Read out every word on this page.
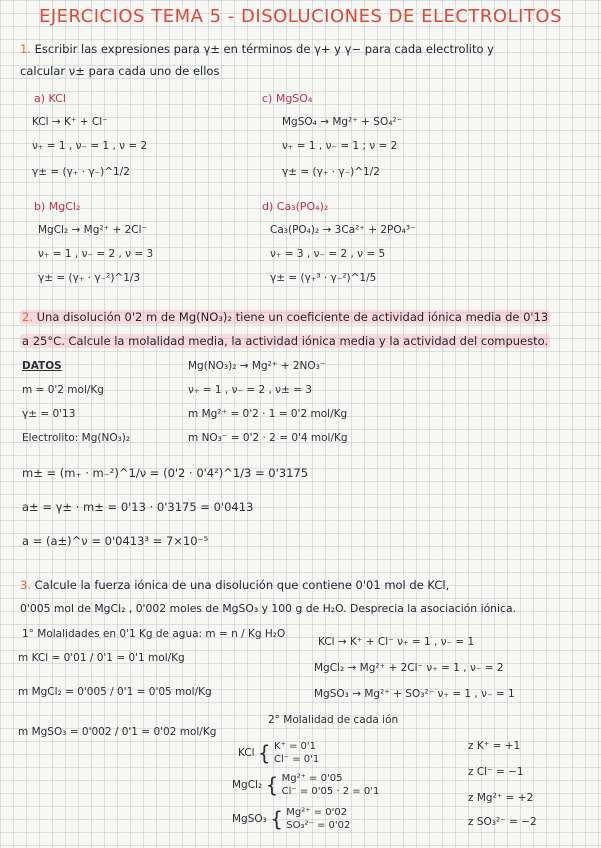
EJERCICIOS TEMA 5 - DISOLUCIONES DE ELECTROLITOS
1. Escribir las expresiones para γ± en términos de γ+ y γ− para cada electrolito y
calcular ν± para cada uno de ellos
a) KCl
KCl → K⁺ + Cl⁻
ν₊ = 1 , ν₋ = 1 , ν = 2
γ± = (γ₊ · γ₋)^1/2
c) MgSO₄
MgSO₄ → Mg²⁺ + SO₄²⁻
ν₊ = 1 , ν₋ = 1 ; ν = 2
γ± = (γ₊ · γ₋)^1/2
b) MgCl₂
MgCl₂ → Mg²⁺ + 2Cl⁻
ν₊ = 1 , ν₋ = 2 , ν = 3
γ± = (γ₊ · γ₋²)^1/3
d) Ca₃(PO₄)₂
Ca₃(PO₄)₂ → 3Ca²⁺ + 2PO₄³⁻
ν₊ = 3 , ν₋ = 2 , ν = 5
γ± = (γ₊³ · γ₋²)^1/5
2. Una disolución 0'2 m de Mg(NO₃)₂ tiene un coeficiente de actividad iónica media de 0'13
a 25°C. Calcule la molalidad media, la actividad iónica media y la actividad del compuesto.
DATOS
m = 0'2 mol/Kg
γ± = 0'13
Electrolito: Mg(NO₃)₂
Mg(NO₃)₂ → Mg²⁺ + 2NO₃⁻
ν₊ = 1 , ν₋ = 2 , ν± = 3
m Mg²⁺ = 0'2 · 1 = 0'2 mol/Kg
m NO₃⁻ = 0'2 · 2 = 0'4 mol/Kg
m± = (m₊ · m₋²)^1/ν = (0'2 · 0'4²)^1/3 = 0'3175
a± = γ± · m± = 0'13 · 0'3175 = 0'0413
a = (a±)^ν = 0'0413³ = 7×10⁻⁵
3. Calcule la fuerza iónica de una disolución que contiene 0'01 mol de KCl,
0'005 mol de MgCl₂ , 0'002 moles de MgSO₃ y 100 g de H₂O. Desprecia la asociación iónica.
1° Molalidades en 0'1 Kg de agua: m = n / Kg H₂O
m KCl = 0'01 / 0'1 = 0'1 mol/Kg
m MgCl₂ = 0'005 / 0'1 = 0'05 mol/Kg
m MgSO₃ = 0'002 / 0'1 = 0'02 mol/Kg
KCl → K⁺ + Cl⁻ ν₊ = 1 , ν₋ = 1
MgCl₂ → Mg²⁺ + 2Cl⁻ ν₊ = 1 , ν₋ = 2
MgSO₃ → Mg²⁺ + SO₃²⁻ ν₊ = 1 , ν₋ = 1
2° Molalidad de cada ión
KCl { K⁺ = 0'1
Cl⁻ = 0'1
MgCl₂ { Mg²⁺ = 0'05
Cl⁻ = 0'05 · 2 = 0'1
MgSO₃ { Mg²⁺ = 0'02
SO₃²⁻ = 0'02
z K⁺ = +1
z Cl⁻ = −1
z Mg²⁺ = +2
z SO₃²⁻ = −2
